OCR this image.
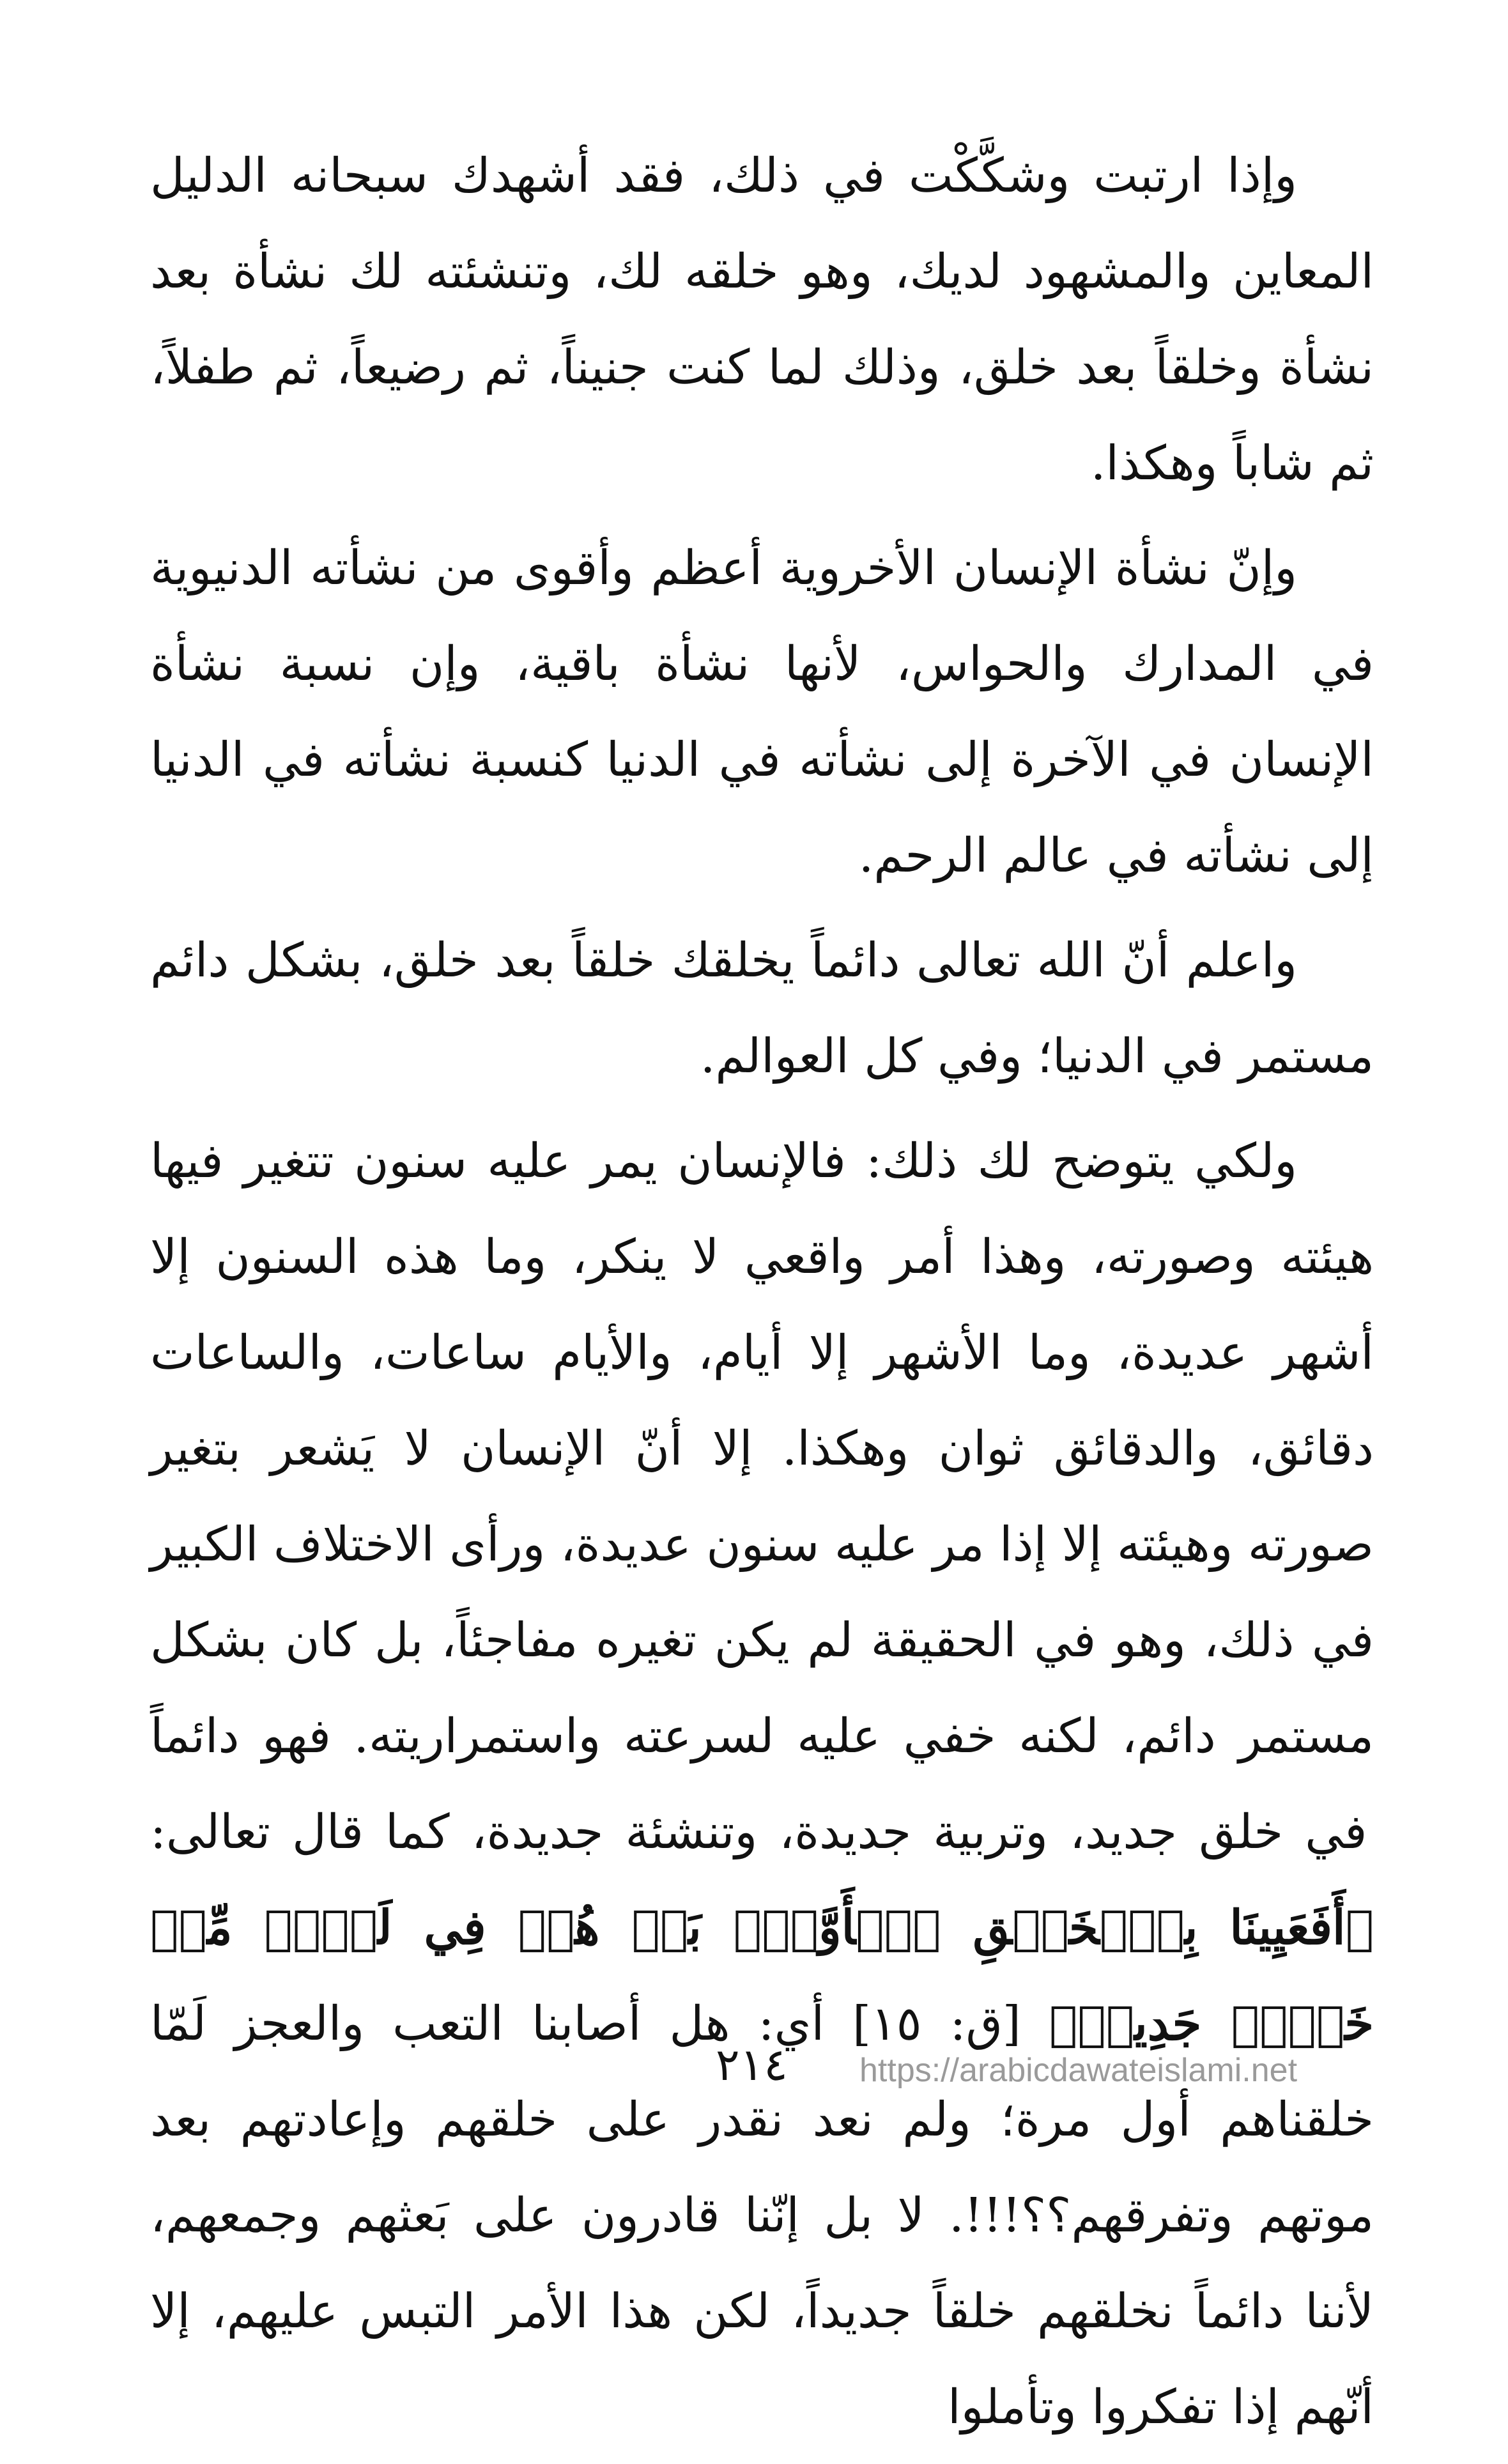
وإذا ارتبت وشكَّكْت في ذلك، فقد أشهدك سبحانه الدليل المعاين والمشهود لديك، وهو خلقه لك، وتنشئته لك نشأة بعد نشأة وخلقاً بعد خلق، وذلك لما كنت جنيناً، ثم رضيعاً، ثم طفلاً، ثم شاباً وهكذا.

وإنّ نشأة الإنسان الأخروية أعظم وأقوى من نشأته الدنيوية في المدارك والحواس، لأنها نشأة باقية، وإن نسبة نشأة الإنسان في الآخرة إلى نشأته في الدنيا كنسبة نشأته في الدنيا إلى نشأته في عالم الرحم.

واعلم أنّ الله تعالى دائماً يخلقك خلقاً بعد خلق، بشكل دائم مستمر في الدنيا؛ وفي كل العوالم.

ولكي يتوضح لك ذلك: فالإنسان يمر عليه سنون تتغير فيها هيئته وصورته، وهذا أمر واقعي لا ينكر، وما هذه السنون إلا أشهر عديدة، وما الأشهر إلا أيام، والأيام ساعات، والساعات دقائق، والدقائق ثوان وهكذا. إلا أنّ الإنسان لا يَشعر بتغير صورته وهيئته إلا إذا مر عليه سنون عديدة، ورأى الاختلاف الكبير في ذلك، وهو في الحقيقة لم يكن تغيره مفاجئاً، بل كان بشكل مستمر دائم، لكنه خفي عليه لسرعته واستمراريته. فهو دائماً في خلق جديد، وتربية جديدة، وتنشئة جديدة، كما قال تعالى: ﴿أَفَعَيِينَا بِٱلۡخَلۡقِ ٱلۡأَوَّلِۚ بَلۡ هُمۡ فِي لَبۡسٖ مِّنۡ خَلۡقٖ جَدِيدٖ﴾ [ق: ١٥] أي: هل أصابنا التعب والعجز لَمّا خلقناهم أول مرة؛ ولم نعد نقدر على خلقهم وإعادتهم بعد موتهم وتفرقهم؟؟!!!. لا بل إنّنا قادرون على بَعثهم وجمعهم، لأننا دائماً نخلقهم خلقاً جديداً، لكن هذا الأمر التبس عليهم، إلا أنّهم إذا تفكروا وتأملوا

٢١٤ https://arabicdawateislami.net
